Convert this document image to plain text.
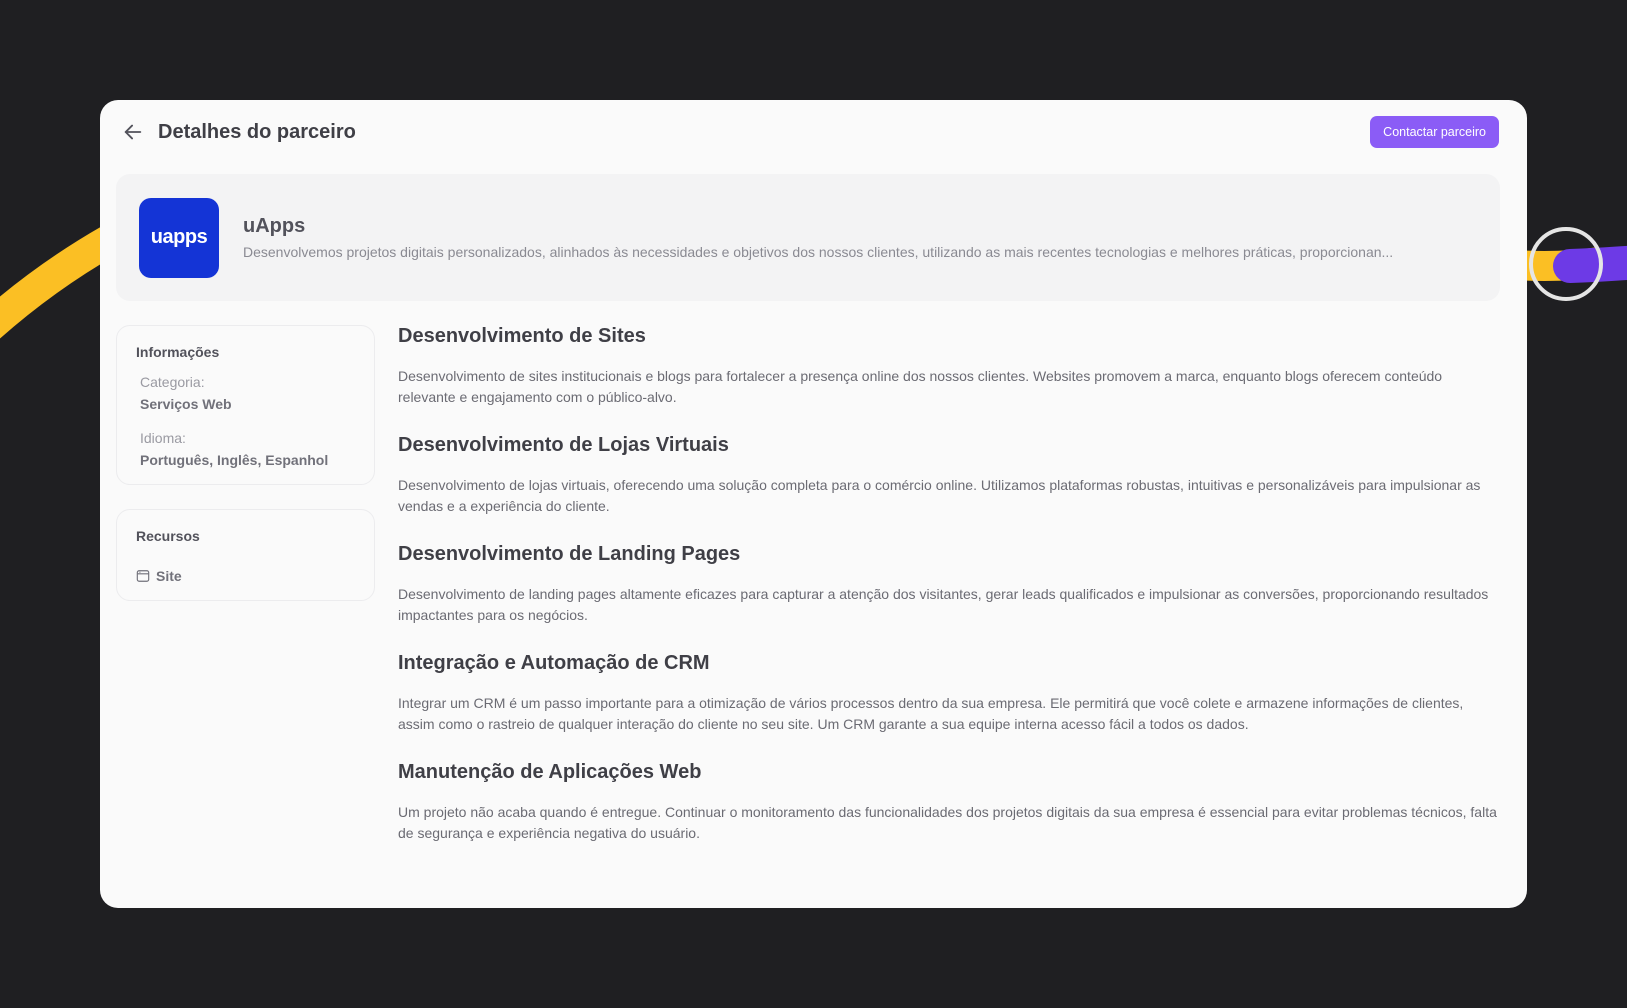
Detalhes do parceiro	Contactar parceiro
uapps uApps
Desenvolvemos projetos digitais personalizados, alinhados às necessidades e objetivos dos nossos clientes, utilizando as mais recentes tecnologias e melhores práticas, proporcionan...
Informações
Categoria:
Serviços Web
Idioma:
Português, Inglês, Espanhol
Recursos
Site
Desenvolvimento de Sites

Desenvolvimento de sites institucionais e blogs para fortalecer a presença online dos nossos clientes. Websites promovem a marca, enquanto blogs oferecem conteúdo relevante e engajamento com o público-alvo.

Desenvolvimento de Lojas Virtuais

Desenvolvimento de lojas virtuais, oferecendo uma solução completa para o comércio online. Utilizamos plataformas robustas, intuitivas e personalizáveis para impulsionar as vendas e a experiência do cliente.

Desenvolvimento de Landing Pages

Desenvolvimento de landing pages altamente eficazes para capturar a atenção dos visitantes, gerar leads qualificados e impulsionar as conversões, proporcionando resultados impactantes para os negócios.

Integração e Automação de CRM

Integrar um CRM é um passo importante para a otimização de vários processos dentro da sua empresa. Ele permitirá que você colete e armazene informações de clientes, assim como o rastreio de qualquer interação do cliente no seu site. Um CRM garante a sua equipe interna acesso fácil a todos os dados.

Manutenção de Aplicações Web

Um projeto não acaba quando é entregue. Continuar o monitoramento das funcionalidades dos projetos digitais da sua empresa é essencial para evitar problemas técnicos, falta de segurança e experiência negativa do usuário.
